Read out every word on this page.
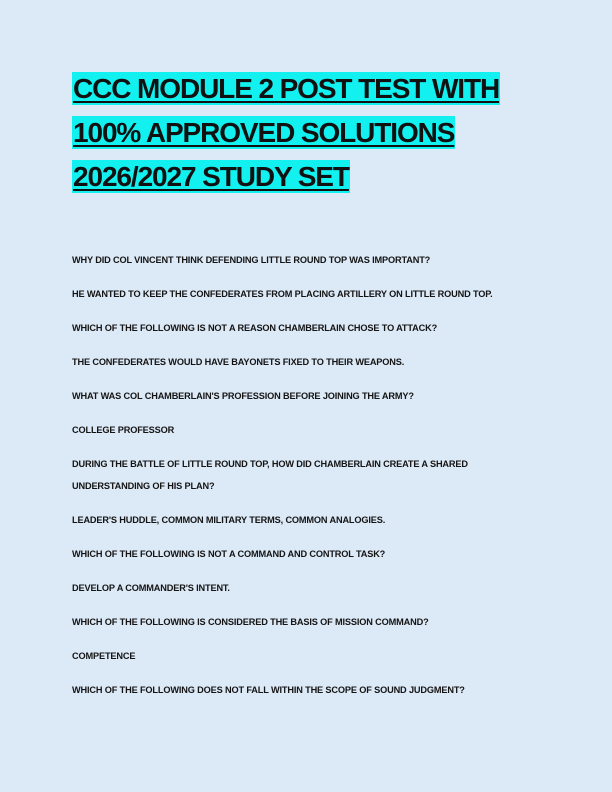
CCC MODULE 2 POST TEST WITH
100% APPROVED SOLUTIONS
2026/2027 STUDY SET

WHY DID COL VINCENT THINK DEFENDING LITTLE ROUND TOP WAS IMPORTANT?

HE WANTED TO KEEP THE CONFEDERATES FROM PLACING ARTILLERY ON LITTLE ROUND TOP.

WHICH OF THE FOLLOWING IS NOT A REASON CHAMBERLAIN CHOSE TO ATTACK?

THE CONFEDERATES WOULD HAVE BAYONETS FIXED TO THEIR WEAPONS.

WHAT WAS COL CHAMBERLAIN'S PROFESSION BEFORE JOINING THE ARMY?

COLLEGE PROFESSOR

DURING THE BATTLE OF LITTLE ROUND TOP, HOW DID CHAMBERLAIN CREATE A SHARED UNDERSTANDING OF HIS PLAN?

LEADER'S HUDDLE, COMMON MILITARY TERMS, COMMON ANALOGIES.

WHICH OF THE FOLLOWING IS NOT A COMMAND AND CONTROL TASK?

DEVELOP A COMMANDER'S INTENT.

WHICH OF THE FOLLOWING IS CONSIDERED THE BASIS OF MISSION COMMAND?

COMPETENCE

WHICH OF THE FOLLOWING DOES NOT FALL WITHIN THE SCOPE OF SOUND JUDGMENT?
